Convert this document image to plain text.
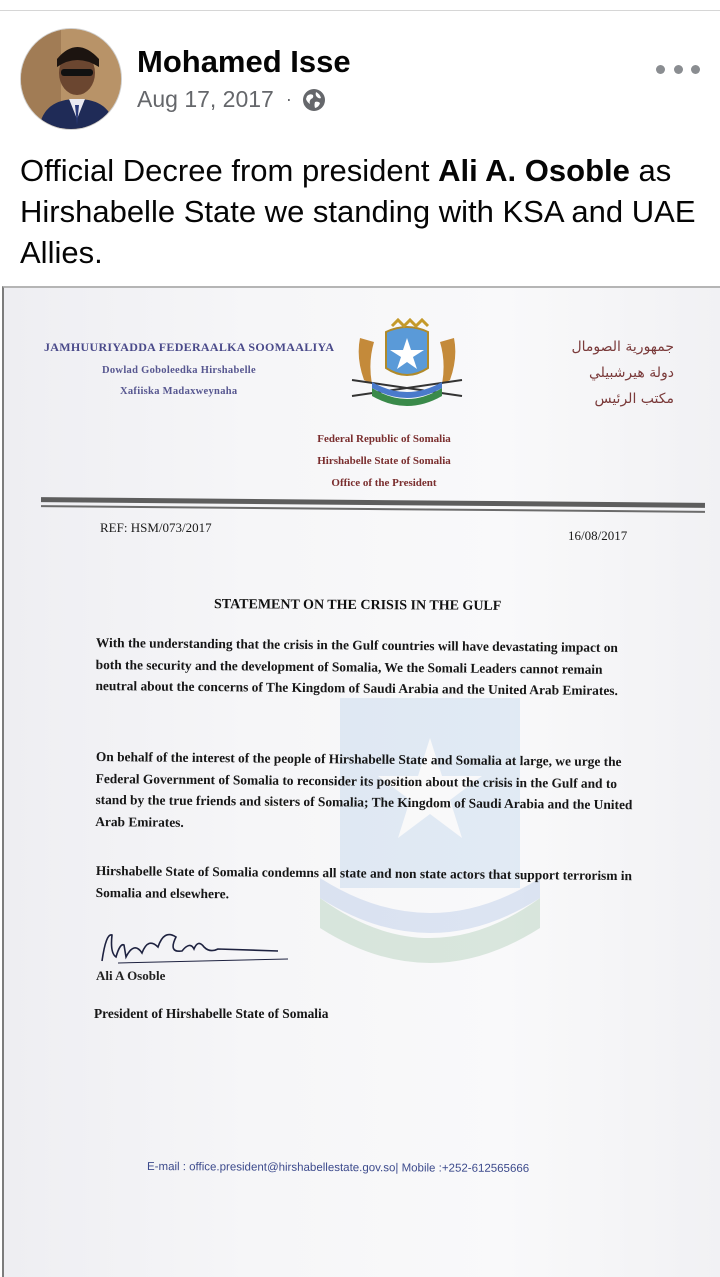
Mohamed Isse
Aug 17, 2017 ·
Official Decree from president Ali A. Osoble as Hirshabelle State we standing with KSA and UAE Allies.
JAMHUURIYADDA FEDERAALKA SOOMAALIYA
Dowlad Goboleedka Hirshabelle
Xafiiska Madaxweynaha
جمهورية الصومال
دولة هيرشبيلي
مكتب الرئيس
Federal Republic of Somalia
Hirshabelle State of Somalia
Office of the President
REF: HSM/073/2017
16/08/2017
STATEMENT ON THE CRISIS IN THE GULF
With the understanding that the crisis in the Gulf countries will have devastating impact on both the security and the development of Somalia, We the Somali Leaders cannot remain neutral about the concerns of The Kingdom of Saudi Arabia and the United Arab Emirates.
On behalf of the interest of the people of Hirshabelle State and Somalia at large, we urge the Federal Government of Somalia to reconsider its position about the crisis in the Gulf and to stand by the true friends and sisters of Somalia; The Kingdom of Saudi Arabia and the United Arab Emirates.
Hirshabelle State of Somalia condemns all state and non state actors that support terrorism in Somalia and elsewhere.
Ali A Osoble
President of Hirshabelle State of Somalia
E-mail : office.president@hirshabellestate.gov.so| Mobile :+252-612565666
